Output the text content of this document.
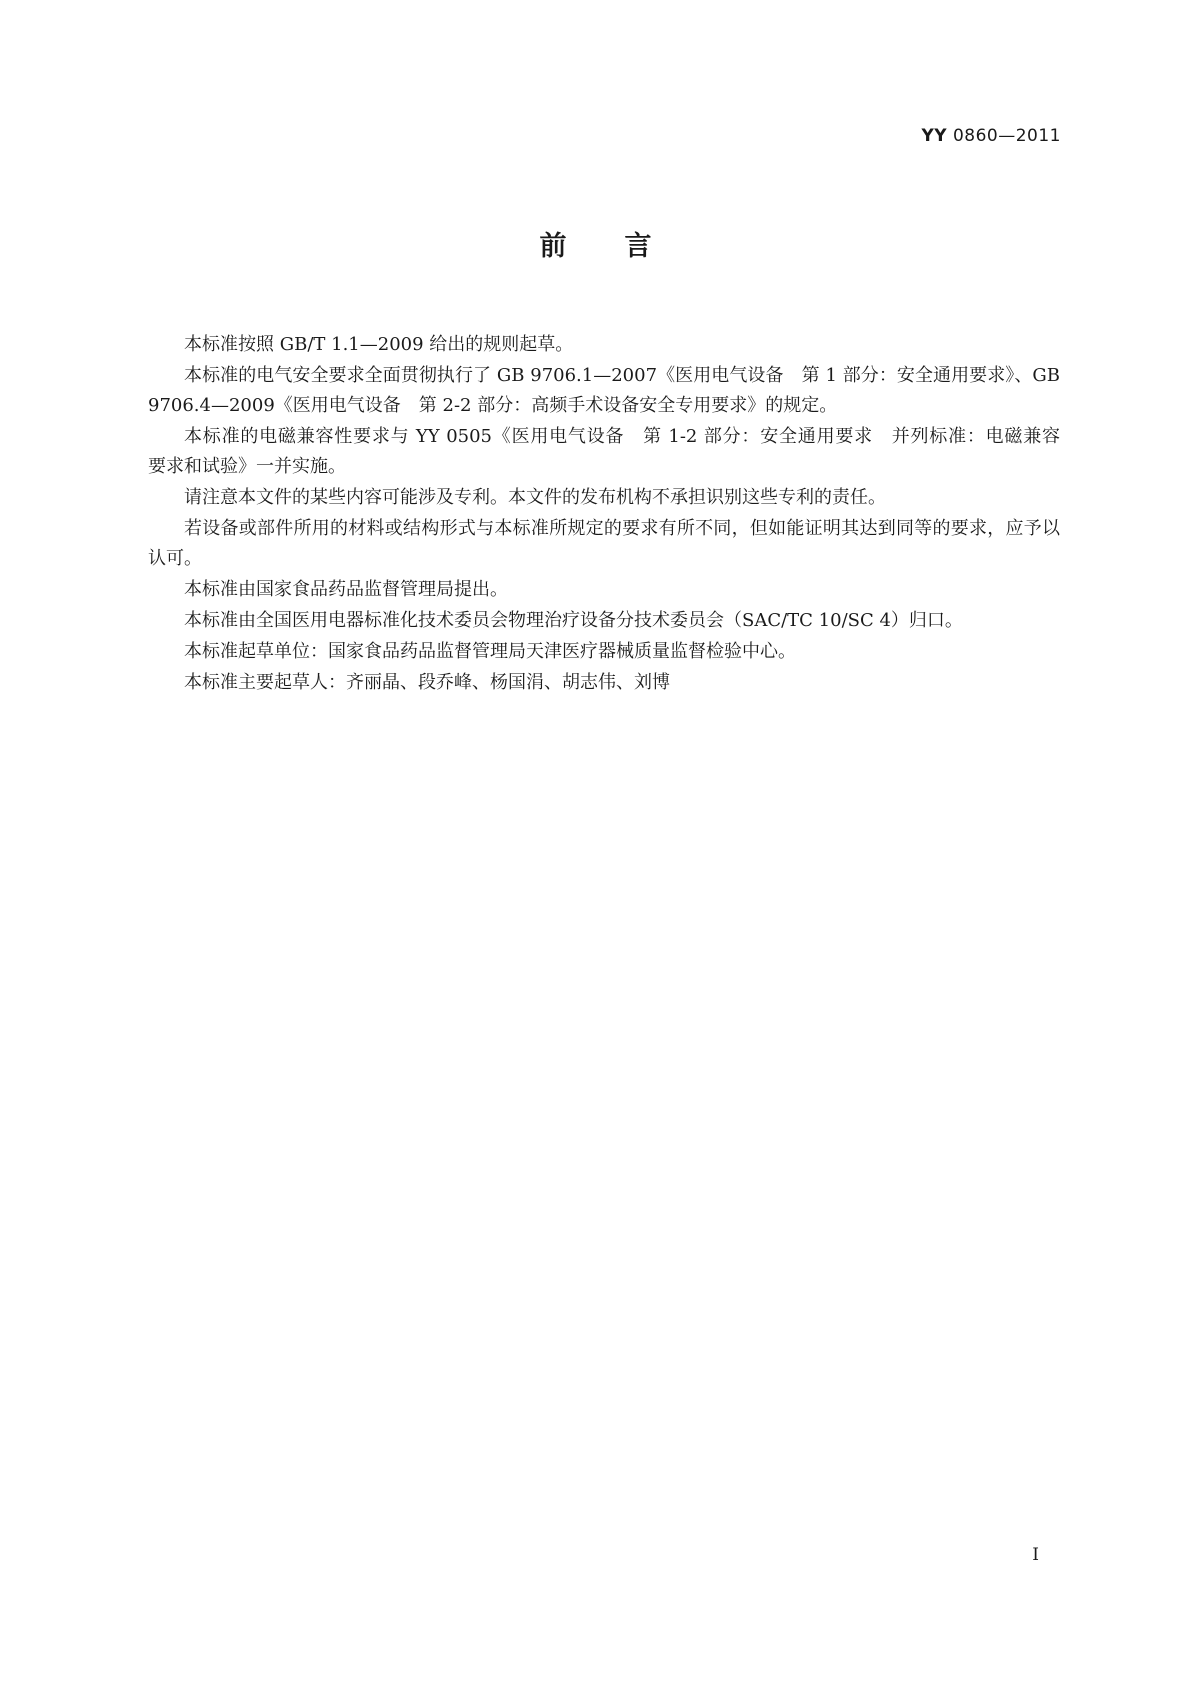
YY 0860—2011
前言

本标准按照 GB/T 1.1—2009 给出的规则起草。

本标准的电气安全要求全面贯彻执行了 GB 9706.1—2007《医用电气设备　第 1 部分：安全通用要求》、GB 9706.4—2009《医用电气设备　第 2-2 部分：高频手术设备安全专用要求》的规定。

本标准的电磁兼容性要求与 YY 0505《医用电气设备　第 1-2 部分：安全通用要求　并列标准：电磁兼容　要求和试验》一并实施。

请注意本文件的某些内容可能涉及专利。本文件的发布机构不承担识别这些专利的责任。

若设备或部件所用的材料或结构形式与本标准所规定的要求有所不同，但如能证明其达到同等的要求，应予以认可。

本标准由国家食品药品监督管理局提出。

本标准由全国医用电器标准化技术委员会物理治疗设备分技术委员会（SAC/TC 10/SC 4）归口。

本标准起草单位：国家食品药品监督管理局天津医疗器械质量监督检验中心。

本标准主要起草人：齐丽晶、段乔峰、杨国涓、胡志伟、刘博

I
